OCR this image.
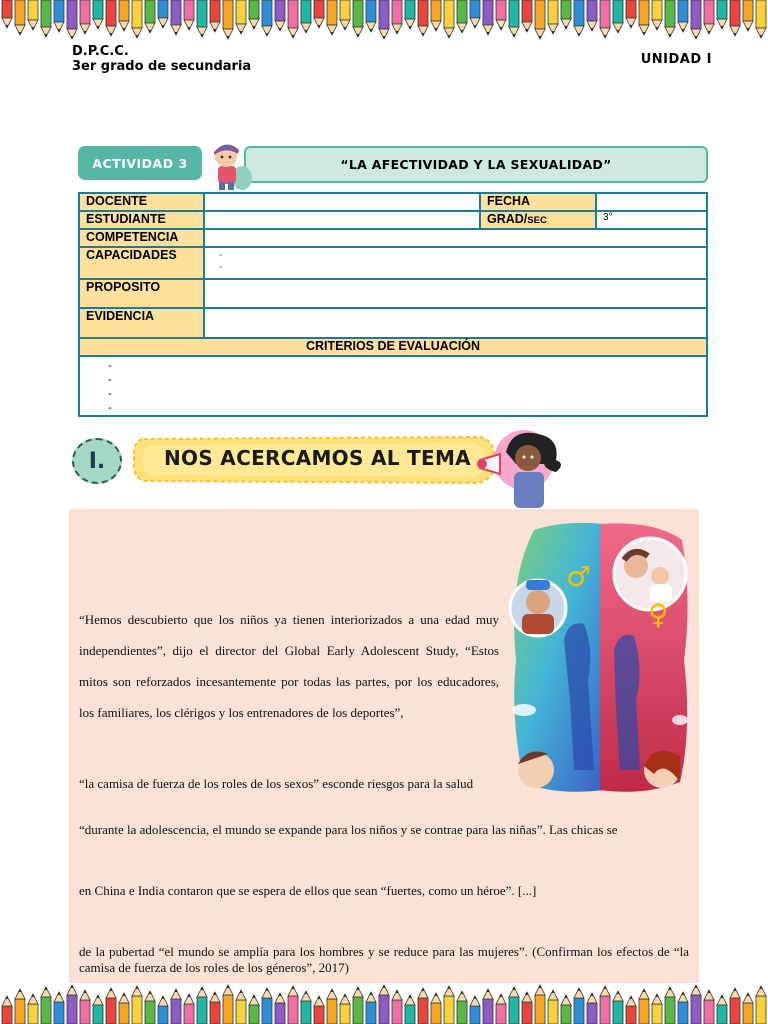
D.P.C.C.
3er grado de secundaria	UNIDAD I
ACTIVIDAD 3	“LA AFECTIVIDAD Y LA SEXUALIDAD”
DOCENTE		FECHA	
ESTUDIANTE		GRAD/SEC	3°
COMPETENCIA			
CAPACIDADES	-
-		

PROPOSITO			
EVIDENCIA			
CRITERIOS DE EVALUACIÓN			

-
-
-
-			
I.	NOS ACERCAMOS AL TEMA
“Hemos descubierto que los niños ya tienen interiorizados a una edad muy independientes”, dijo el director del Global Early Adolescent Study, “Estos mitos son reforzados incesantemente por todas las partes, por los educadores, los familiares, los clérigos y los entrenadores de los deportes”,
“la camisa de fuerza de los roles de los sexos” esconde riesgos para la salud
“durante la adolescencia, el mundo se expande para los niños y se contrae para las niñas”. Las chicas se
en China e India contaron que se espera de ellos que sean “fuertes, como un héroe”. [...]
de la pubertad “el mundo se amplía para los hombres y se reduce para las mujeres”. (Confirman los efectos de “la camisa de fuerza de los roles de los géneros”, 2017)
♂
♀
